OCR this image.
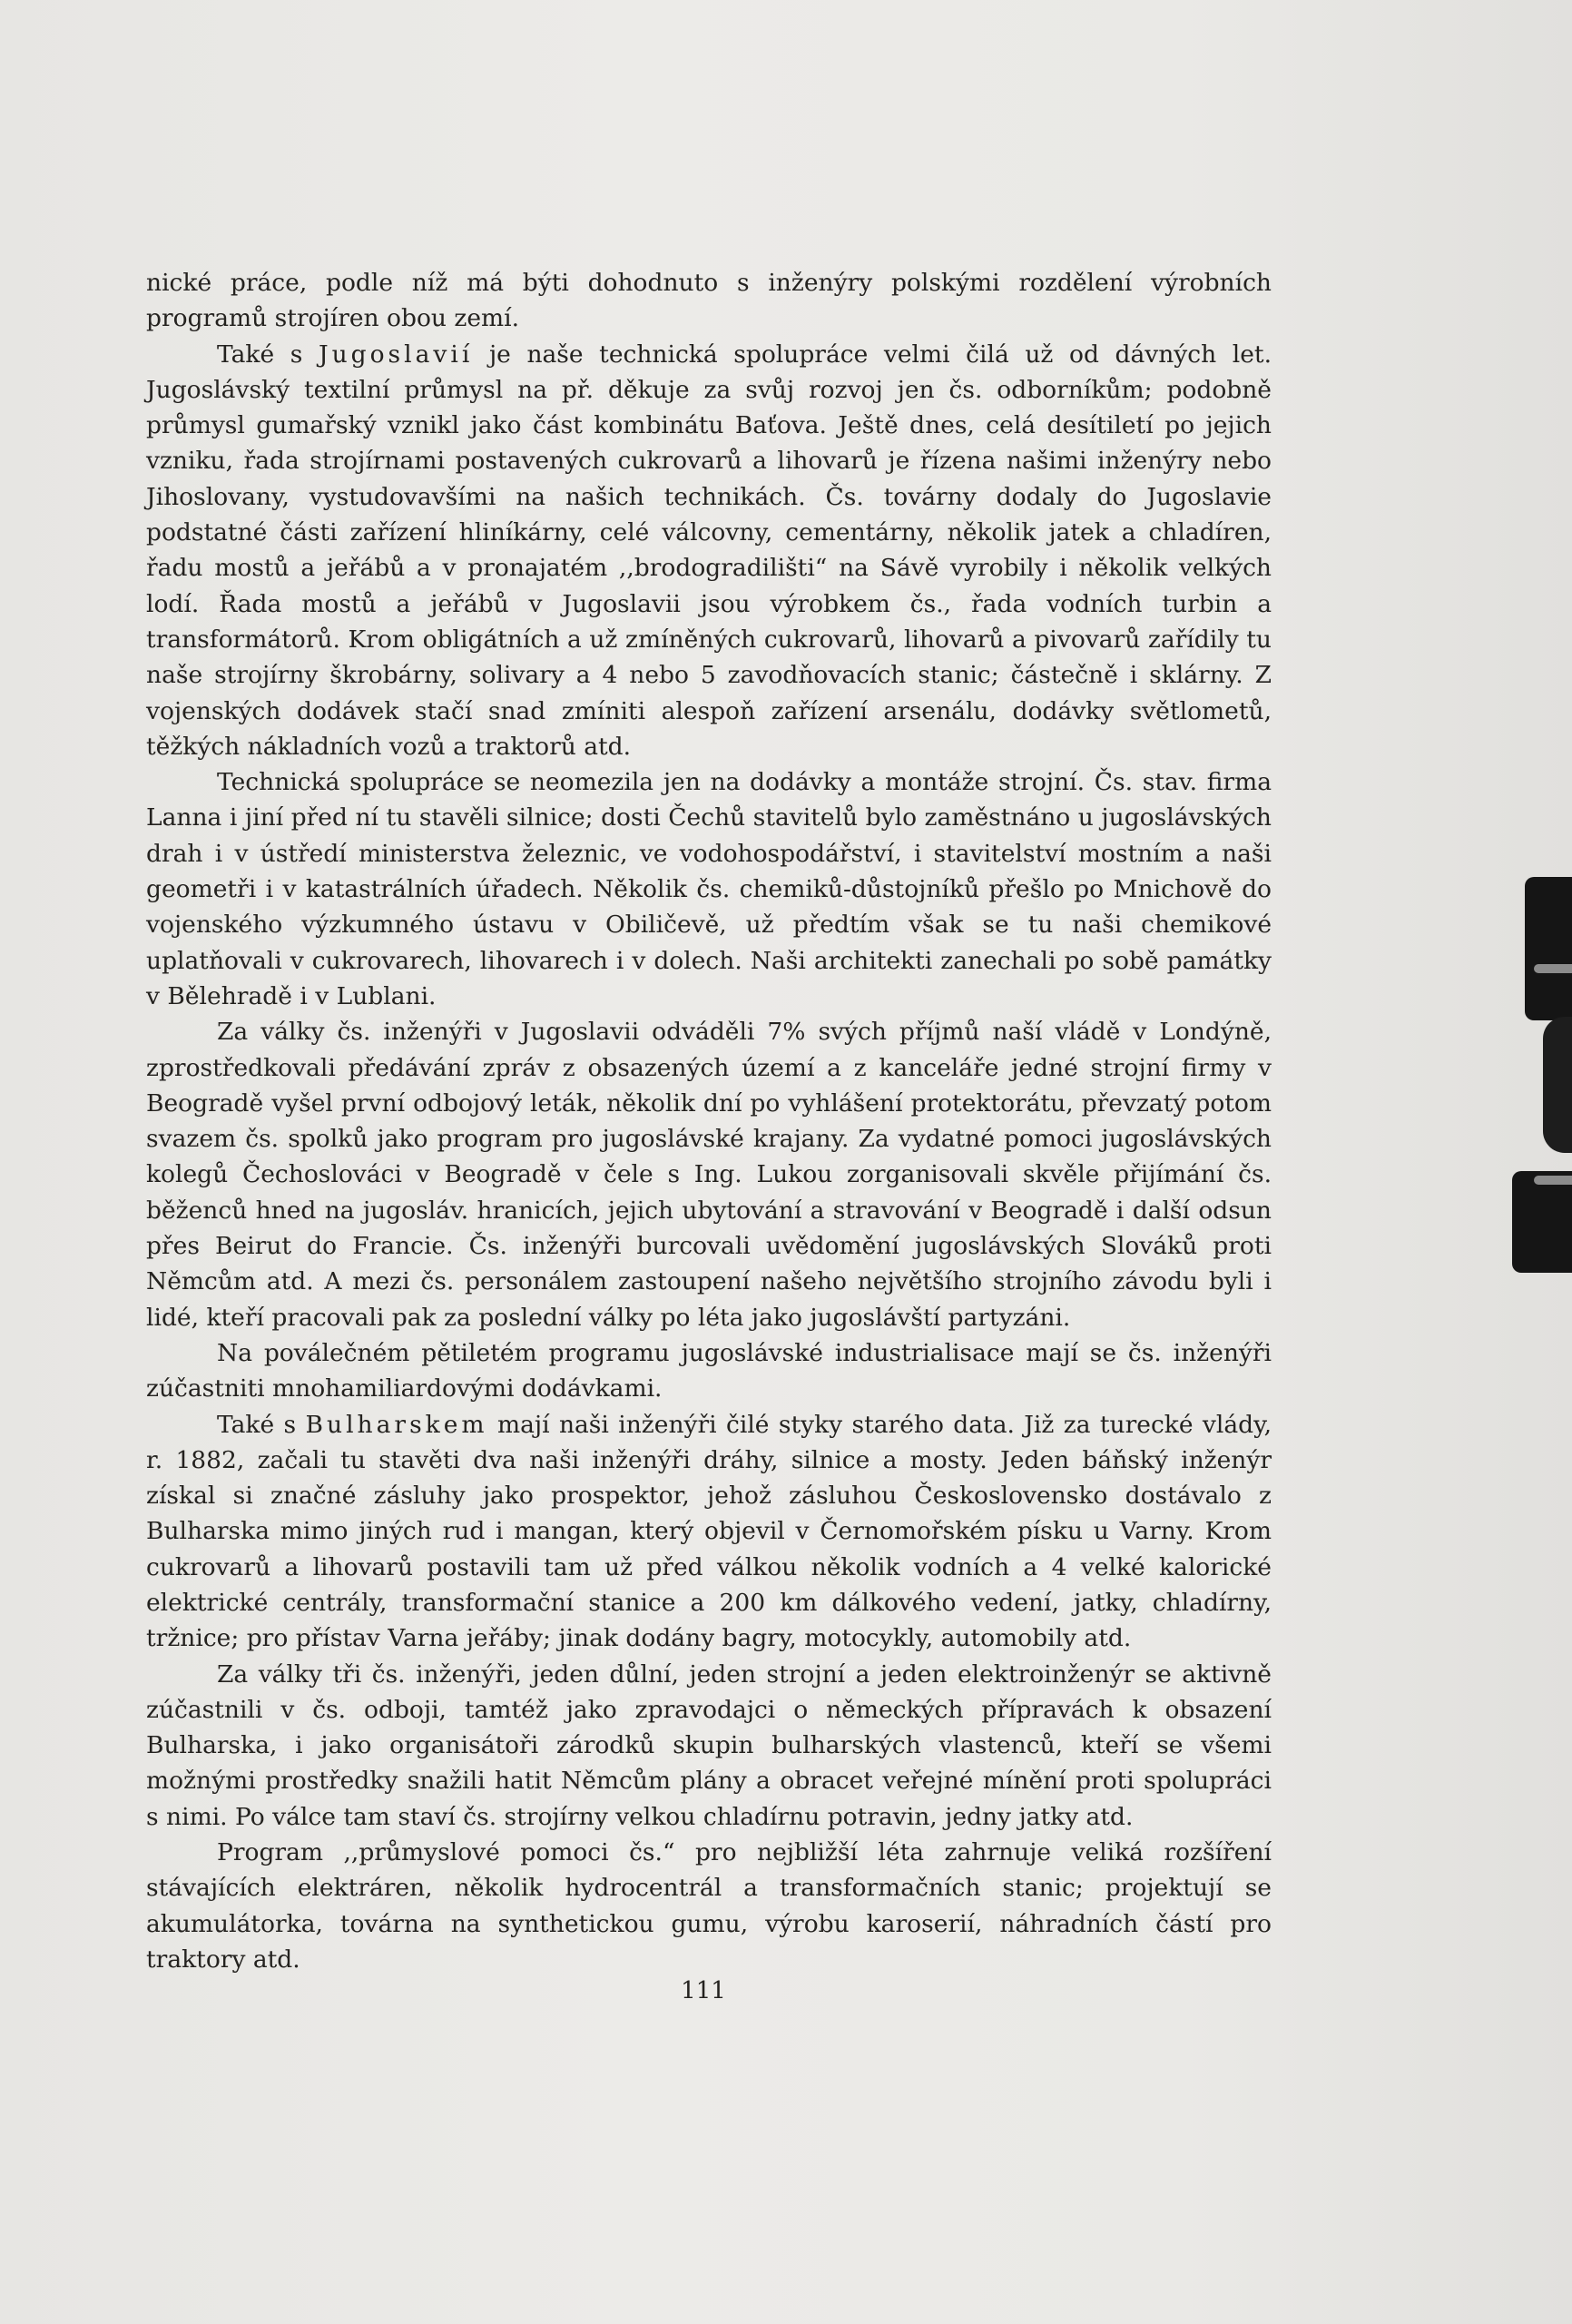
nické práce, podle níž má býti dohodnuto s inženýry polskými rozdělení výrobních programů strojíren obou zemí.

Také s Jugoslavií je naše technická spolupráce velmi čilá už od dávných let. Jugoslávský textilní průmysl na př. děkuje za svůj rozvoj jen čs. odborníkům; podobně průmysl gumařský vznikl jako část kombinátu Baťova. Ještě dnes, celá desítiletí po jejich vzniku, řada strojírnami postavených cukrovarů a lihovarů je řízena našimi inženýry nebo Jihoslovany, vystudovavšími na našich technikách. Čs. továrny dodaly do Jugoslavie podstatné části zařízení hliníkárny, celé válcovny, cementárny, několik jatek a chladíren, řadu mostů a jeřábů a v pronajatém ,,brodogradilišti“ na Sávě vyrobily i několik velkých lodí. Řada mostů a jeřábů v Jugoslavii jsou výrobkem čs., řada vodních turbin a transformátorů. Krom obligátních a už zmíněných cukrovarů, lihovarů a pivovarů zařídily tu naše strojírny škrobárny, solivary a 4 nebo 5 zavodňovacích stanic; částečně i sklárny. Z vojenských dodávek stačí snad zmíniti alespoň zařízení arsenálu, dodávky světlometů, těžkých nákladních vozů a traktorů atd.

Technická spolupráce se neomezila jen na dodávky a montáže strojní. Čs. stav. firma Lanna i jiní před ní tu stavěli silnice; dosti Čechů stavitelů bylo zaměstnáno u jugoslávských drah i v ústředí ministerstva železnic, ve vodohospodářství, i stavitelství mostním a naši geometři i v katastrálních úřadech. Několik čs. chemiků-důstojníků přešlo po Mnichově do vojenského výzkumného ústavu v Obiličevě, už předtím však se tu naši chemikové uplatňovali v cukrovarech, lihovarech i v dolech. Naši architekti zanechali po sobě památky v Bělehradě i v Lublani.

Za války čs. inženýři v Jugoslavii odváděli 7% svých příjmů naší vládě v Londýně, zprostředkovali předávání zpráv z obsazených území a z kanceláře jedné strojní firmy v Beogradě vyšel první odbojový leták, několik dní po vyhlášení protektorátu, převzatý potom svazem čs. spolků jako program pro jugoslávské krajany. Za vydatné pomoci jugoslávských kolegů Čechoslováci v Beogradě v čele s Ing. Lukou zorganisovali skvěle přijímání čs. běženců hned na jugosláv. hranicích, jejich ubytování a stravování v Beogradě i další odsun přes Beirut do Francie. Čs. inženýři burcovali uvědomění jugoslávských Slováků proti Němcům atd. A mezi čs. personálem zastoupení našeho největšího strojního závodu byli i lidé, kteří pracovali pak za poslední války po léta jako jugoslávští partyzáni.

Na poválečném pětiletém programu jugoslávské industrialisace mají se čs. inženýři zúčastniti mnohamiliardovými dodávkami.

Také s Bulharskem mají naši inženýři čilé styky starého data. Již za turecké vlády, r. 1882, začali tu stavěti dva naši inženýři dráhy, silnice a mosty. Jeden báňský inženýr získal si značné zásluhy jako prospektor, jehož zásluhou Československo dostávalo z Bulharska mimo jiných rud i mangan, který objevil v Černomořském písku u Varny. Krom cukrovarů a lihovarů postavili tam už před válkou několik vodních a 4 velké kalorické elektrické centrály, transformační stanice a 200 km dálkového vedení, jatky, chladírny, tržnice; pro přístav Varna jeřáby; jinak dodány bagry, motocykly, automobily atd.

Za války tři čs. inženýři, jeden důlní, jeden strojní a jeden elektroinženýr se aktivně zúčastnili v čs. odboji, tamtéž jako zpravodajci o německých přípravách k obsazení Bulharska, i jako organisátoři zárodků skupin bulharských vlastenců, kteří se všemi možnými prostředky snažili hatit Němcům plány a obracet veřejné mínění proti spolupráci s nimi. Po válce tam staví čs. strojírny velkou chladírnu potravin, jedny jatky atd.

Program ,,průmyslové pomoci čs.“ pro nejbližší léta zahrnuje veliká rozšíření stávajících elektráren, několik hydrocentrál a transformačních stanic; projektují se akumulátorka, továrna na synthetickou gumu, výrobu karoserií, náhradních částí pro traktory atd.

111
